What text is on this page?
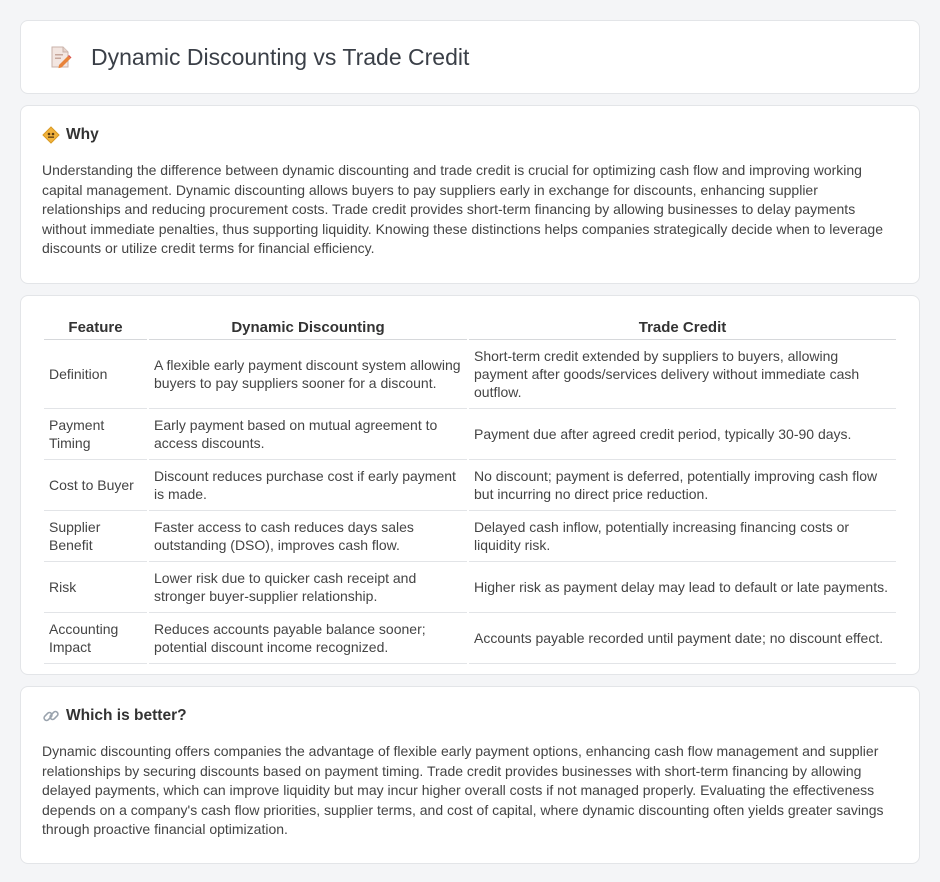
Dynamic Discounting vs Trade Credit
Why

Understanding the difference between dynamic discounting and trade credit is crucial for optimizing cash flow and improving working capital management. Dynamic discounting allows buyers to pay suppliers early in exchange for discounts, enhancing supplier relationships and reducing procurement costs. Trade credit provides short-term financing by allowing businesses to delay payments without immediate penalties, thus supporting liquidity. Knowing these distinctions helps companies strategically decide when to leverage discounts or utilize credit terms for financial efficiency.

Feature	Dynamic Discounting	Trade Credit
Definition	A flexible early payment discount system allowing buyers to pay suppliers sooner for a discount.	Short-term credit extended by suppliers to buyers, allowing payment after goods/services delivery without immediate cash outflow.
Payment Timing	Early payment based on mutual agreement to access discounts.	Payment due after agreed credit period, typically 30-90 days.
Cost to Buyer	Discount reduces purchase cost if early payment is made.	No discount; payment is deferred, potentially improving cash flow but incurring no direct price reduction.
Supplier Benefit	Faster access to cash reduces days sales outstanding (DSO), improves cash flow.	Delayed cash inflow, potentially increasing financing costs or liquidity risk.
Risk	Lower risk due to quicker cash receipt and stronger buyer-supplier relationship.	Higher risk as payment delay may lead to default or late payments.
Accounting Impact	Reduces accounts payable balance sooner; potential discount income recognized.	Accounts payable recorded until payment date; no discount effect.
Which is better?

Dynamic discounting offers companies the advantage of flexible early payment options, enhancing cash flow management and supplier relationships by securing discounts based on payment timing. Trade credit provides businesses with short-term financing by allowing delayed payments, which can improve liquidity but may incur higher overall costs if not managed properly. Evaluating the effectiveness depends on a company's cash flow priorities, supplier terms, and cost of capital, where dynamic discounting often yields greater savings through proactive financial optimization.
